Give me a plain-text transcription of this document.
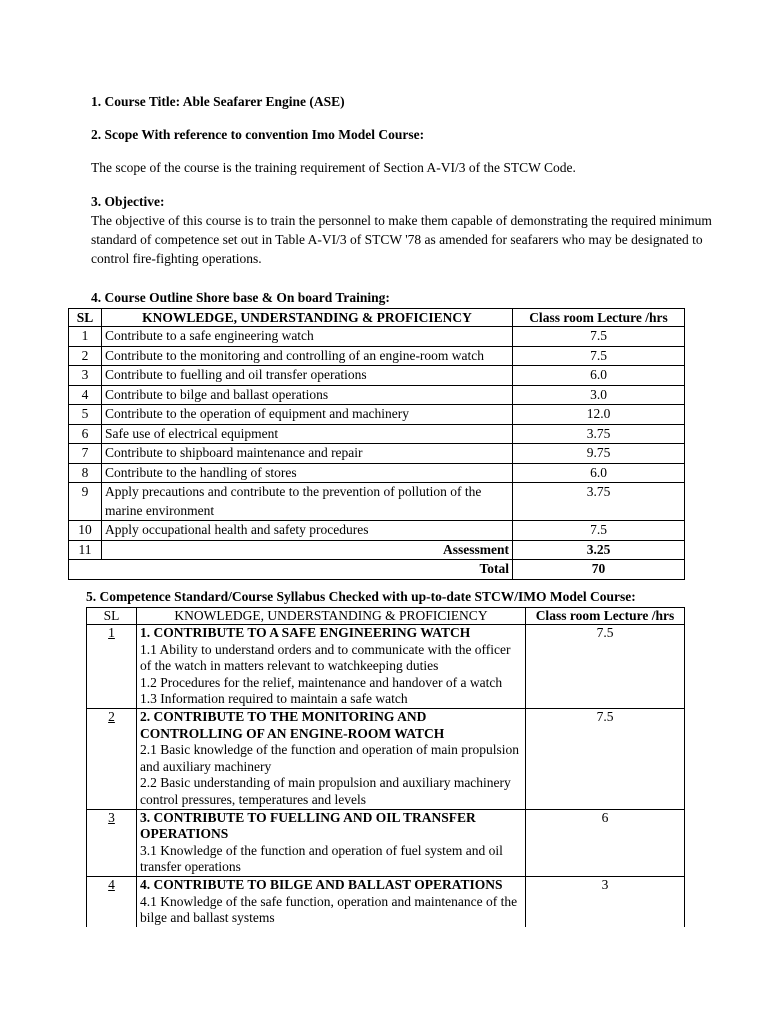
1. Course Title: Able Seafarer Engine (ASE)

2. Scope With reference to convention Imo Model Course:

The scope of the course is the training requirement of Section A-VI/3 of the STCW Code.

3. Objective:
The objective of this course is to train the personnel to make them capable of demonstrating the required minimum standard of competence set out in Table A-VI/3 of STCW '78 as amended for seafarers who may be designated to control fire-fighting operations.

4. Course Outline Shore base & On board Training:

SL	KNOWLEDGE, UNDERSTANDING & PROFICIENCY	Class room Lecture /hrs
1	Contribute to a safe engineering watch	7.5
2	Contribute to the monitoring and controlling of an engine-room watch	7.5
3	Contribute to fuelling and oil transfer operations	6.0
4	Contribute to bilge and ballast operations	3.0
5	Contribute to the operation of equipment and machinery	12.0
6	Safe use of electrical equipment	3.75
7	Contribute to shipboard maintenance and repair	9.75
8	Contribute to the handling of stores	6.0
9	Apply precautions and contribute to the prevention of pollution of the marine environment	3.75
10	Apply occupational health and safety procedures	7.5
11	Assessment	3.25
Total		70

5. Competence Standard/Course Syllabus Checked with up-to-date STCW/IMO Model Course:

SL	KNOWLEDGE, UNDERSTANDING & PROFICIENCY	Class room Lecture /hrs
1	1. CONTRIBUTE TO A SAFE ENGINEERING WATCH
1.1 Ability to understand orders and to communicate with the officer of the watch in matters relevant to watchkeeping duties
1.2 Procedures for the relief, maintenance and handover of a watch
1.3 Information required to maintain a safe watch	7.5
2	2. CONTRIBUTE TO THE MONITORING AND CONTROLLING OF AN ENGINE-ROOM WATCH
2.1 Basic knowledge of the function and operation of main propulsion and auxiliary machinery
2.2 Basic understanding of main propulsion and auxiliary machinery control pressures, temperatures and levels	7.5
3	3. CONTRIBUTE TO FUELLING AND OIL TRANSFER OPERATIONS
3.1 Knowledge of the function and operation of fuel system and oil transfer operations	6
4	4. CONTRIBUTE TO BILGE AND BALLAST OPERATIONS
4.1 Knowledge of the safe function, operation and maintenance of the bilge and ballast systems	3
